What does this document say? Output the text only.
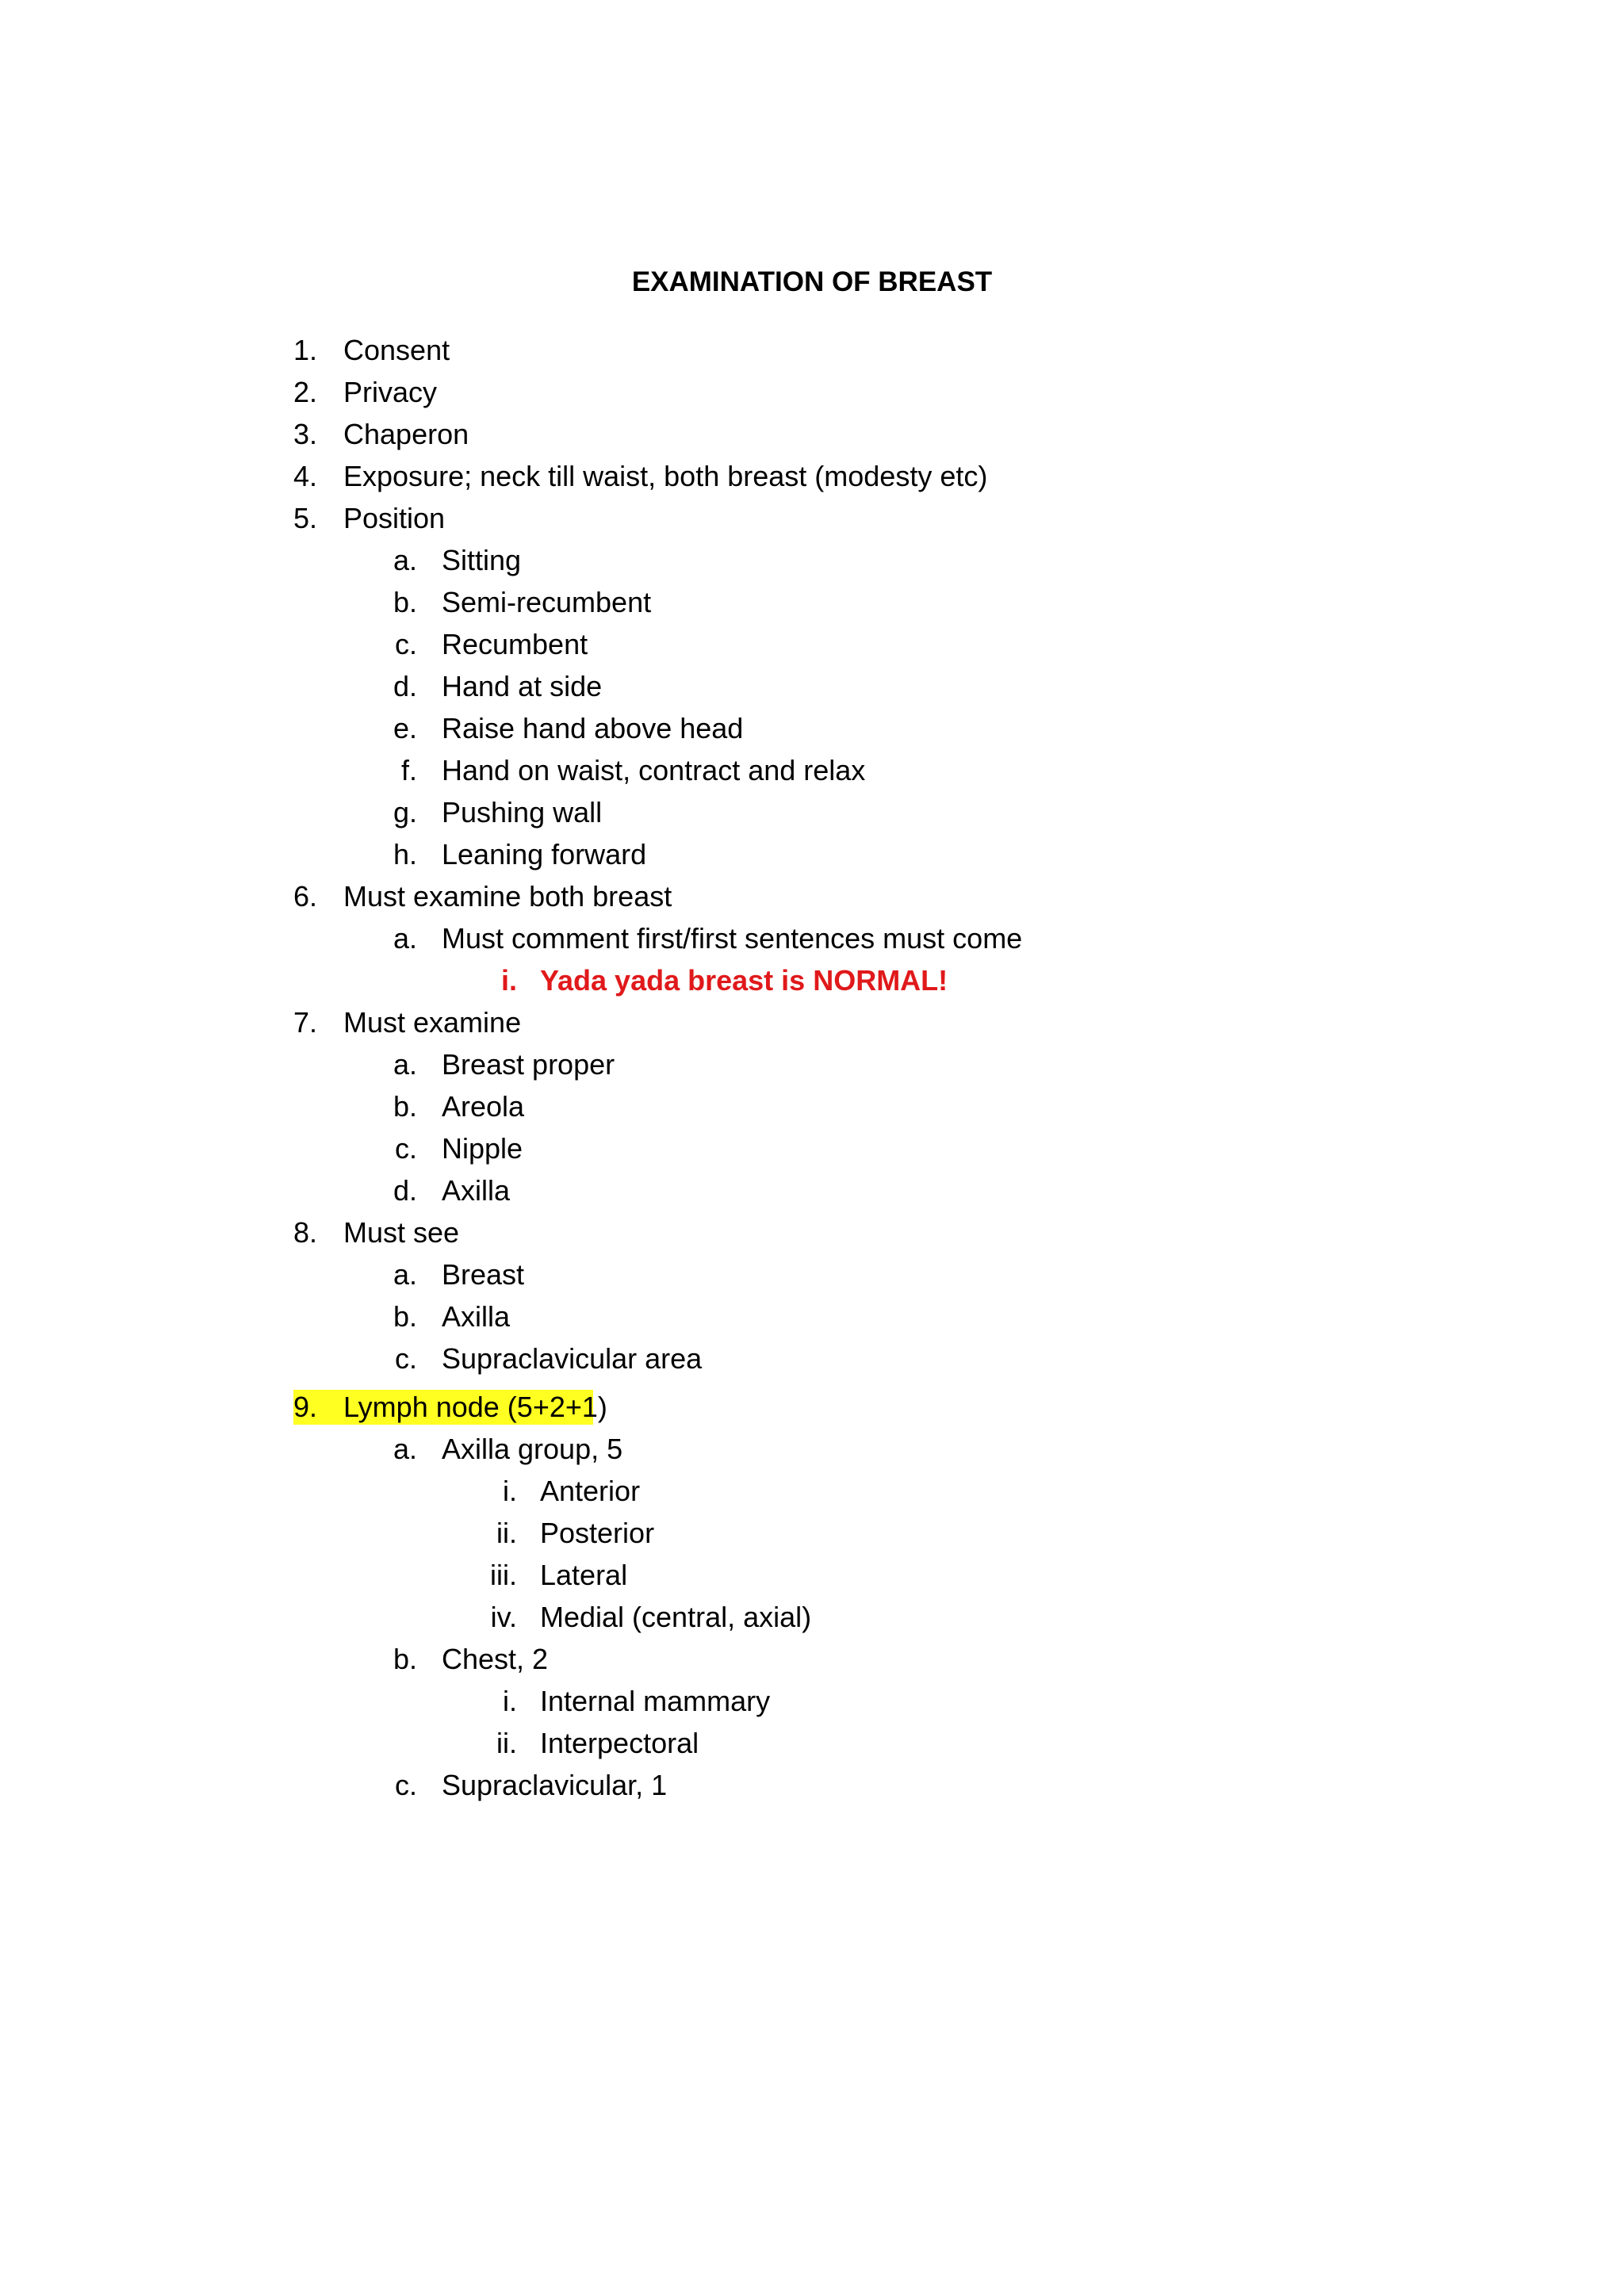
EXAMINATION OF BREAST
1. Consent
2. Privacy
3. Chaperon
4. Exposure; neck till waist, both breast (modesty etc)
5. Position
a. Sitting
b. Semi-recumbent
c. Recumbent
d. Hand at side
e. Raise hand above head
f. Hand on waist, contract and relax
g. Pushing wall
h. Leaning forward
6. Must examine both breast
a. Must comment first/first sentences must come
i. Yada yada breast is NORMAL!
7. Must examine
a. Breast proper
b. Areola
c. Nipple
d. Axilla
8. Must see
a. Breast
b. Axilla
c. Supraclavicular area
9. Lymph node (5+2+1)
a. Axilla group, 5
i. Anterior
ii. Posterior
iii. Lateral
iv. Medial (central, axial)
b. Chest, 2
i. Internal mammary
ii. Interpectoral
c. Supraclavicular, 1
